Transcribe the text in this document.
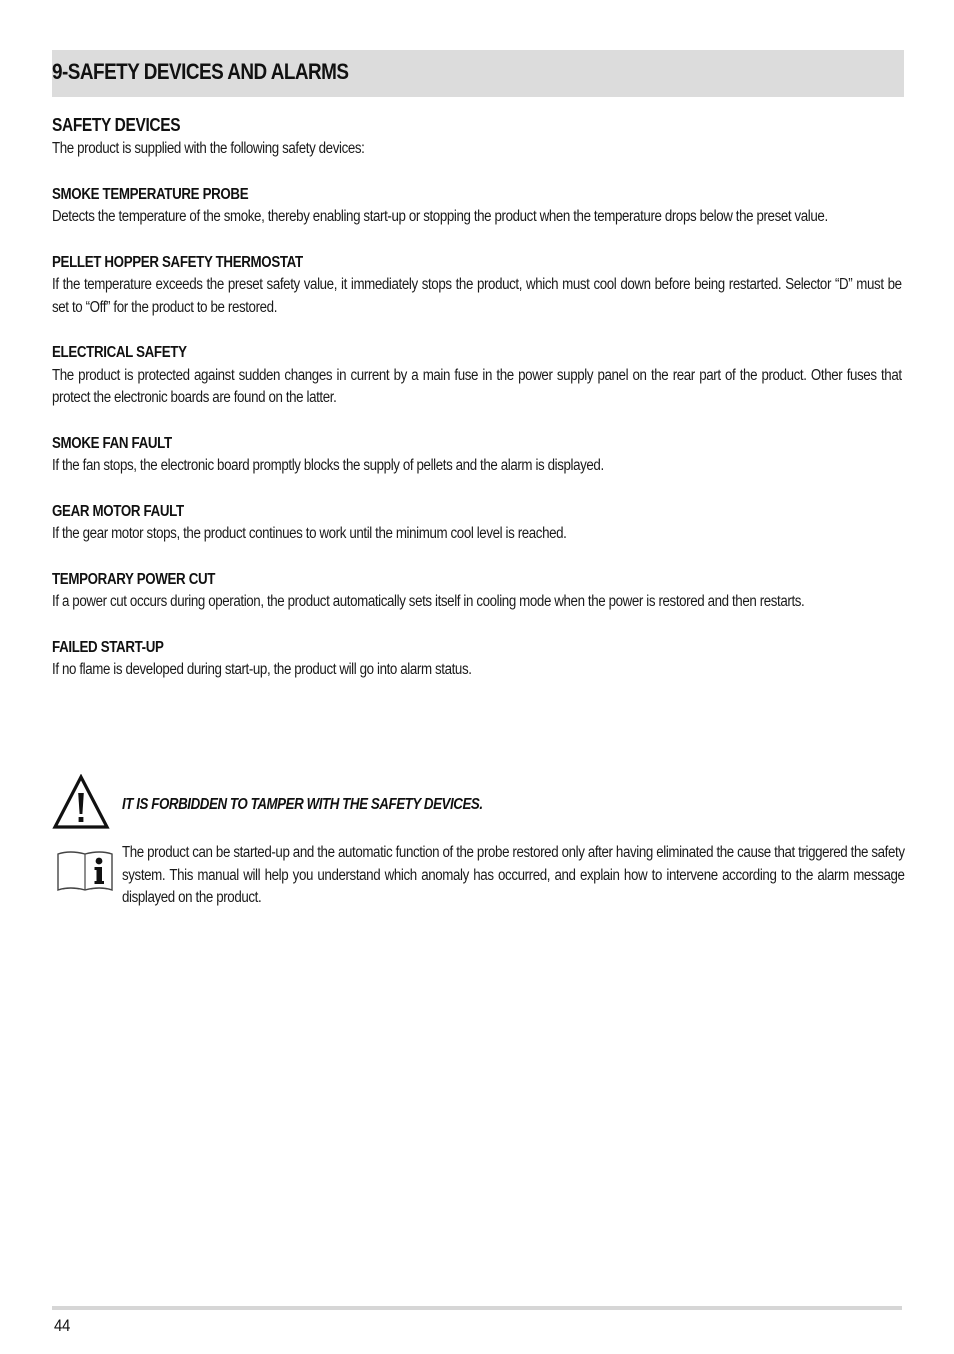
9-SAFETY DEVICES AND ALARMS
SAFETY DEVICES
The product is supplied with the following safety devices:
SMOKE TEMPERATURE PROBE

Detects the temperature of the smoke, thereby enabling start-up or stopping the product when the temperature drops below the preset value.

PELLET HOPPER SAFETY THERMOSTAT

If the temperature exceeds the preset safety value, it immediately stops the product, which must cool down before being restarted. Selector “D” must be set to “Off” for the product to be restored.

ELECTRICAL SAFETY

The product is protected against sudden changes in current by a main fuse in the power supply panel on the rear part of the product. Other fuses that protect the electronic boards are found on the latter.

SMOKE FAN FAULT

If the fan stops, the electronic board promptly blocks the supply of pellets and the alarm is displayed.

GEAR MOTOR FAULT

If the gear motor stops, the product continues to work until the minimum cool level is reached.

TEMPORARY POWER CUT

If a power cut occurs during operation, the product automatically sets itself in cooling mode when the power is restored and then restarts.

FAILED START-UP

If no flame is developed during start-up, the product will go into alarm status.

IT IS FORBIDDEN TO TAMPER WITH THE SAFETY DEVICES.

The product can be started-up and the automatic function of the probe restored only after having eliminated the cause that triggered the safety system. This manual will help you understand which anomaly has occurred, and explain how to intervene according to the alarm message displayed on the product.

44
